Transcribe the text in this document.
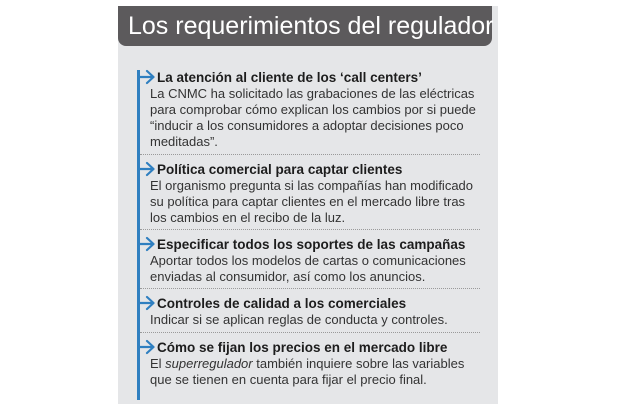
Los requerimientos del regulador
La atención al cliente de los ‘call centers’
La CNMC ha solicitado las grabaciones de las eléctricas
para comprobar cómo explican los cambios por si puede
“inducir a los consumidores a adoptar decisiones poco
meditadas”.
Política comercial para captar clientes
El organismo pregunta si las compañías han modificado
su política para captar clientes en el mercado libre tras
los cambios en el recibo de la luz.
Especificar todos los soportes de las campañas
Aportar todos los modelos de cartas o comunicaciones
enviadas al consumidor, así como los anuncios.
Controles de calidad a los comerciales
Indicar si se aplican reglas de conducta y controles.
Cómo se fijan los precios en el mercado libre
El superregulador también inquiere sobre las variables
que se tienen en cuenta para fijar el precio final.
